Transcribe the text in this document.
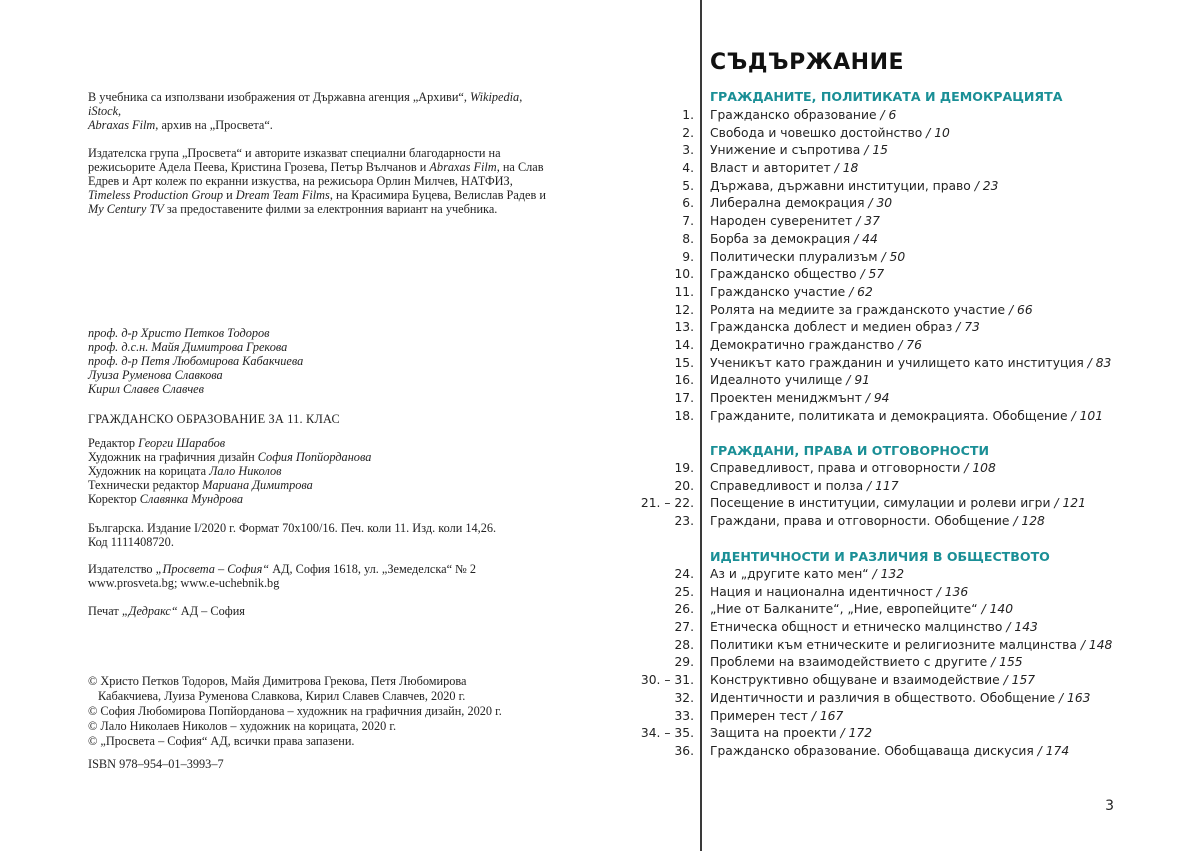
В учебника са използвани изображения от Държавна агенция „Архиви“, Wikipedia, iStock,
Abraxas Film, архив на „Просвета“.

Издателска група „Просвета“ и авторите изказват специални благодарности на режисьорите Адела Пеева, Кристина Грозева, Петър Вълчанов и Abraxas Film, на Слав Едрев и Арт колеж по екранни изкуства, на режисьора Орлин Милчев, НАТФИЗ, Timeless Production Group и Dream Team Films, на Красимира Буцева, Велислав Радев и
My Century TV за предоставените филми за електронния вариант на учебника.

проф. д-р Христо Петков Тодоров
проф. д.с.н. Майя Димитрова Грекова
проф. д-р Петя Любомирова Кабакчиева
Луиза Руменова Славкова
Кирил Славев Славчев
ГРАЖДАНСКО ОБРАЗОВАНИЕ ЗА 11. КЛАС
Редактор Георги Шарабов
Художник на графичния дизайн София Попйорданова
Художник на корицата Лало Николов
Технически редактор Мариана Димитрова
Коректор Славянка Мундрова
Българска. Издание I/2020 г. Формат 70х100/16. Печ. коли 11. Изд. коли 14,26.
Код 1111408720.
Издателство „Просвета – София“ АД, София 1618, ул. „Земеделска“ № 2
www.prosveta.bg; www.e-uchebnik.bg
Печат „Дедракс“ АД – София
© Христо Петков Тодоров, Майя Димитрова Грекова, Петя Любомирова
Кабакчиева, Луиза Руменова Славкова, Кирил Славев Славчев, 2020 г.
© София Любомирова Попйорданова – художник на графичния дизайн, 2020 г.
© Лало Николаев Николов – художник на корицата, 2020 г.
© „Просвета – София“ АД, всички права запазени.
ISBN 978–954–01–3993–7
СЪДЪРЖАНИЕ
ГРАЖДАНИТЕ, ПОЛИТИКАТА И ДЕМОКРАЦИЯТА
1.	Гражданско образование / 6
2.	Свобода и човешко достойнство / 10
3.	Унижение и съпротива / 15
4.	Власт и авторитет / 18
5.	Държава, държавни институции, право / 23
6.	Либерална демокрация / 30
7.	Народен суверенитет / 37
8.	Борба за демокрация / 44
9.	Политически плурализъм / 50
10.	Гражданско общество / 57
11.	Гражданско участие / 62
12.	Ролята на медиите за гражданското участие / 66
13.	Гражданска доблест и медиен образ / 73
14.	Демократично гражданство / 76
15.	Ученикът като гражданин и училището като институция / 83
16.	Идеалното училище / 91
17.	Проектен мениджмънт / 94
18.	Гражданите, политиката и демокрацията. Обобщение / 101
ГРАЖДАНИ, ПРАВА И ОТГОВОРНОСТИ
19.	Справедливост, права и отговорности / 108
20.	Справедливост и полза / 117
21. – 22.	Посещение в институции, симулации и ролеви игри / 121
23.	Граждани, права и отговорности. Обобщение / 128
ИДЕНТИЧНОСТИ И РАЗЛИЧИЯ В ОБЩЕСТВОТО
24.	Аз и „другите като мен“ / 132
25.	Нация и национална идентичност / 136
26.	„Ние от Балканите“, „Ние, европейците“ / 140
27.	Етническа общност и етническо малцинство / 143
28.	Политики към етническите и религиозните малцинства / 148
29.	Проблеми на взаимодействието с другите / 155
30. – 31.	Конструктивно общуване и взаимодействие / 157
32.	Идентичности и различия в обществото. Обобщение / 163
33.	Примерен тест / 167
34. – 35.	Защита на проекти / 172
36.	Гражданско образование. Обобщаваща дискусия / 174
3
